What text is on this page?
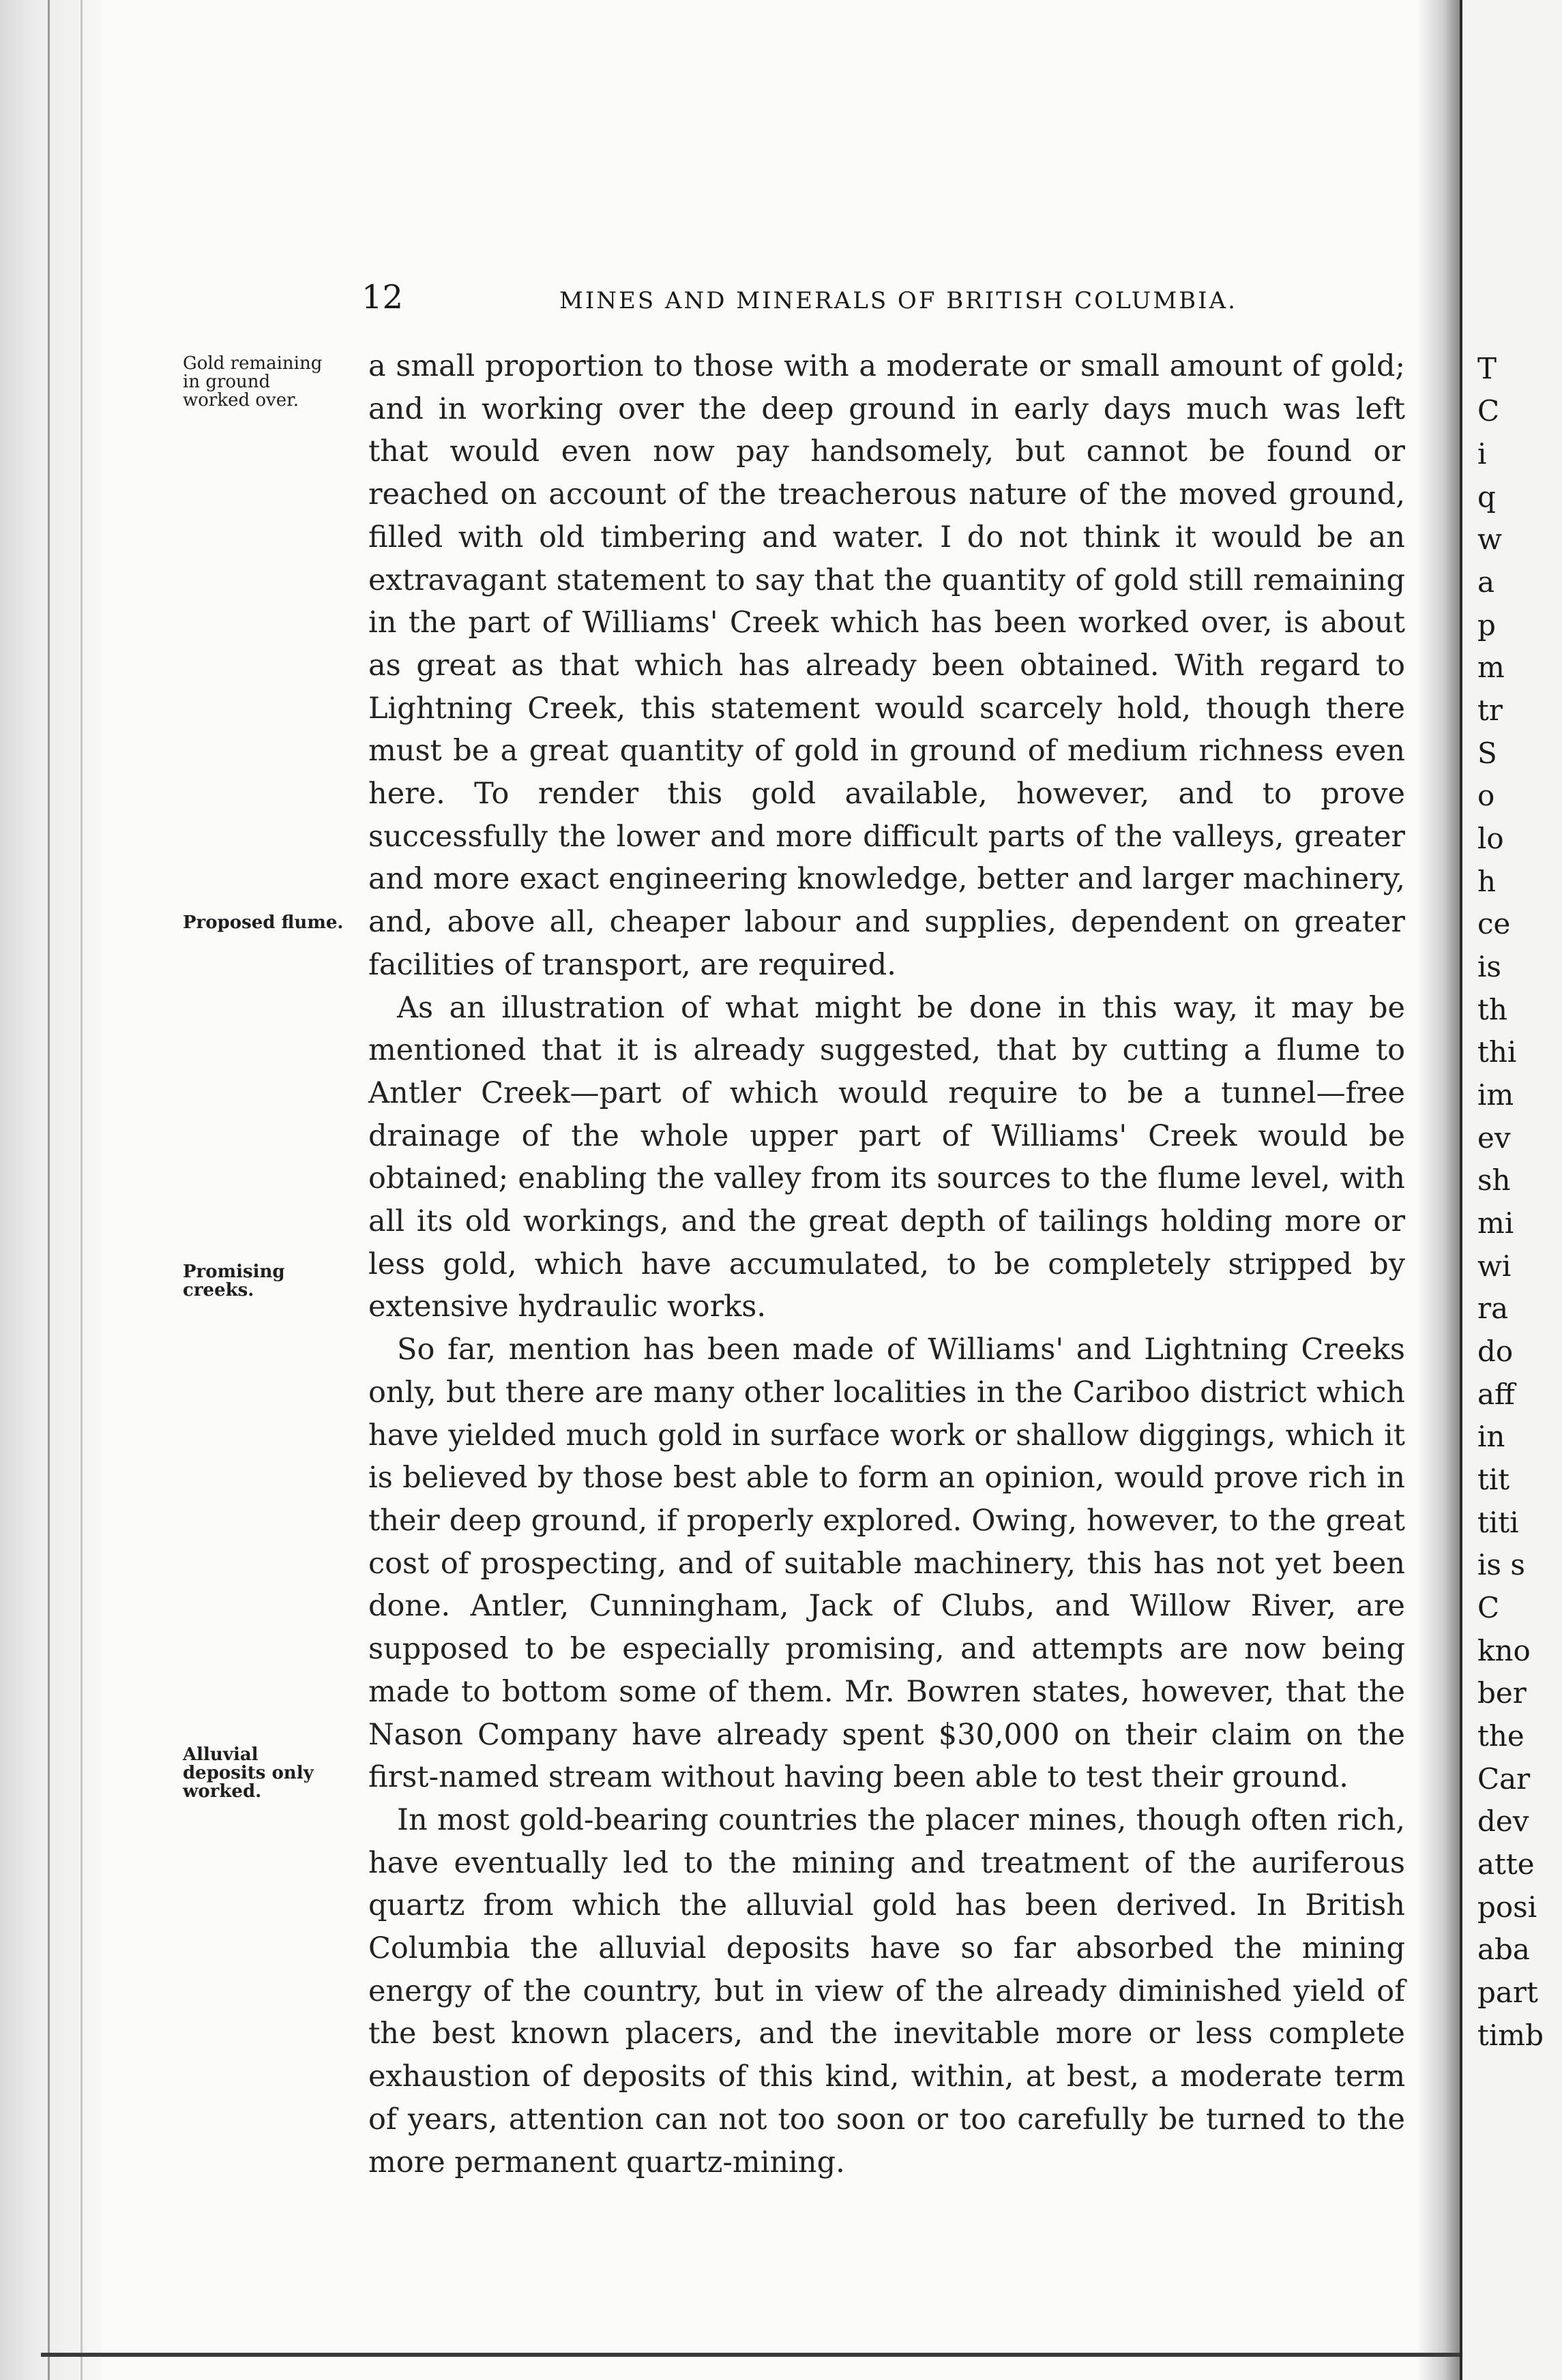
12	MINES AND MINERALS OF BRITISH COLUMBIA.
Gold remaining
in ground
worked over.
Proposed flume.
Promising
creeks.
Alluvial
deposits only
worked.

a small proportion to those with a moderate or small amount of gold; and in working over the deep ground in early days much was left that would even now pay handsomely, but cannot be found or reached on account of the treacherous nature of the moved ground, filled with old timbering and water. I do not think it would be an extravagant statement to say that the quantity of gold still remaining in the part of Williams' Creek which has been worked over, is about as great as that which has already been obtained. With regard to Lightning Creek, this statement would scarcely hold, though there must be a great quantity of gold in ground of medium richness even here. To render this gold available, however, and to prove successfully the lower and more difficult parts of the valleys, greater and more exact engineering knowledge, better and larger machinery, and, above all, cheaper labour and supplies, dependent on greater facilities of transport, are required.

As an illustration of what might be done in this way, it may be mentioned that it is already suggested, that by cutting a flume to Antler Creek—part of which would require to be a tunnel—free drainage of the whole upper part of Williams' Creek would be obtained; enabling the valley from its sources to the flume level, with all its old workings, and the great depth of tailings holding more or less gold, which have accumulated, to be completely stripped by extensive hydraulic works.

So far, mention has been made of Williams' and Lightning Creeks only, but there are many other localities in the Cariboo district which have yielded much gold in surface work or shallow diggings, which it is believed by those best able to form an opinion, would prove rich in their deep ground, if properly explored. Owing, however, to the great cost of prospecting, and of suitable machinery, this has not yet been done. Antler, Cunningham, Jack of Clubs, and Willow River, are supposed to be especially promising, and attempts are now being made to bottom some of them. Mr. Bowren states, however, that the Nason Company have already spent $30,000 on their claim on the first-named stream without having been able to test their ground.

In most gold-bearing countries the placer mines, though often rich, have eventually led to the mining and treatment of the auriferous quartz from which the alluvial gold has been derived. In British Columbia the alluvial deposits have so far absorbed the mining energy of the country, but in view of the already diminished yield of the best known placers, and the inevitable more or less complete exhaustion of deposits of this kind, within, at best, a moderate term of years, attention can not too soon or too carefully be turned to the more permanent quartz-mining.

T
C
i
q
w
a
p
m
tr
S
o
lo
h
ce
is
th
thi
im
ev
sh
mi
wi
ra
do
aff
in
tit
titi
is s
C
kno
ber
the
Car
dev
atte
posi
aba
part
timb
